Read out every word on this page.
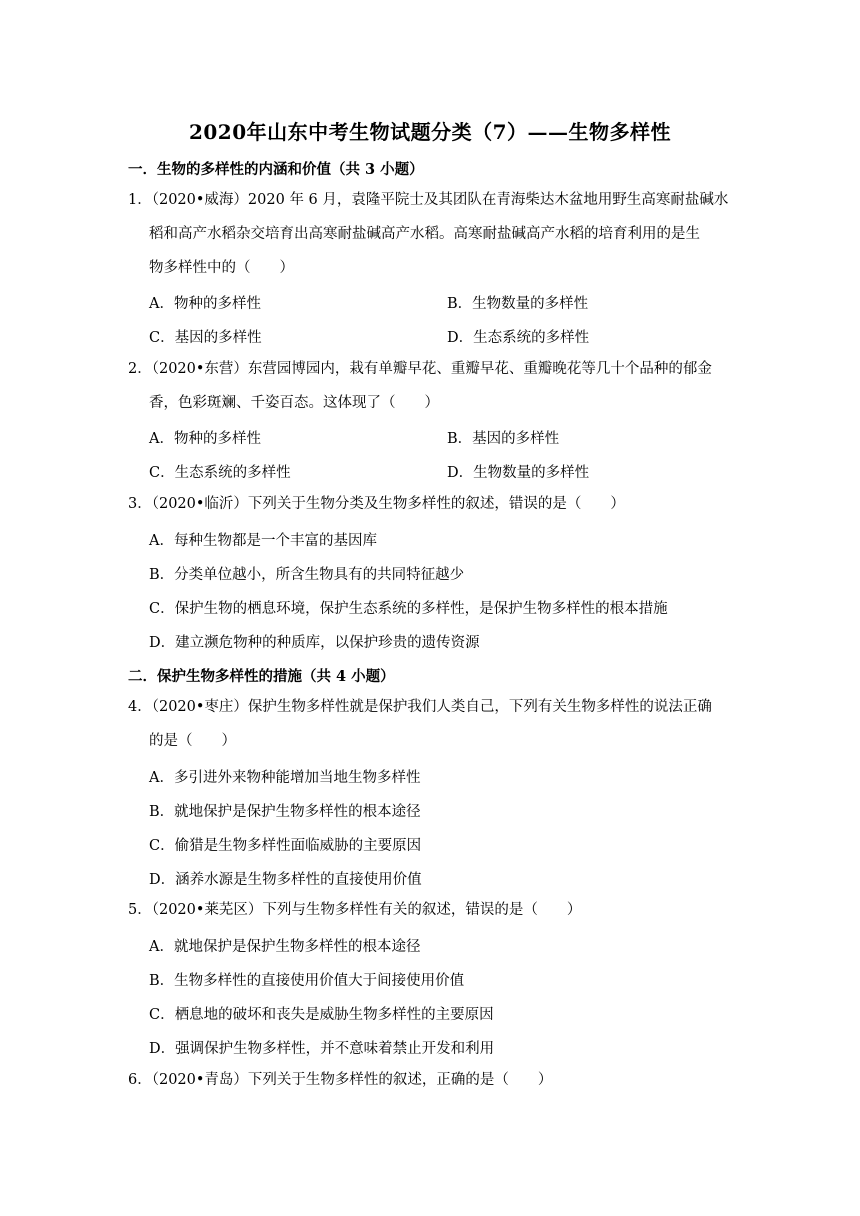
2020年山东中考生物试题分类（7）——生物多样性
一．生物的多样性的内涵和价值（共 3 小题）
1．（2020•威海）2020 年 6 月，袁隆平院士及其团队在青海柴达木盆地用野生高寒耐盐碱水
稻和高产水稻杂交培育出高寒耐盐碱高产水稻。高寒耐盐碱高产水稻的培育利用的是生
物多样性中的（　　）
A．物种的多样性	B．生物数量的多样性
C．基因的多样性	D．生态系统的多样性
2．（2020•东营）东营园博园内，栽有单瓣早花、重瓣早花、重瓣晚花等几十个品种的郁金
香，色彩斑斓、千姿百态。这体现了（　　）
A．物种的多样性	B．基因的多样性
C．生态系统的多样性	D．生物数量的多样性
3．（2020•临沂）下列关于生物分类及生物多样性的叙述，错误的是（　　）
A．每种生物都是一个丰富的基因库
B．分类单位越小，所含生物具有的共同特征越少
C．保护生物的栖息环境，保护生态系统的多样性，是保护生物多样性的根本措施
D．建立濒危物种的种质库，以保护珍贵的遗传资源
二．保护生物多样性的措施（共 4 小题）
4．（2020•枣庄）保护生物多样性就是保护我们人类自己，下列有关生物多样性的说法正确
的是（　　）
A．多引进外来物种能增加当地生物多样性
B．就地保护是保护生物多样性的根本途径
C．偷猎是生物多样性面临威胁的主要原因
D．涵养水源是生物多样性的直接使用价值
5．（2020•莱芜区）下列与生物多样性有关的叙述，错误的是（　　）
A．就地保护是保护生物多样性的根本途径
B．生物多样性的直接使用价值大于间接使用价值
C．栖息地的破坏和丧失是威胁生物多样性的主要原因
D．强调保护生物多样性，并不意味着禁止开发和利用
6．（2020•青岛）下列关于生物多样性的叙述，正确的是（　　）
